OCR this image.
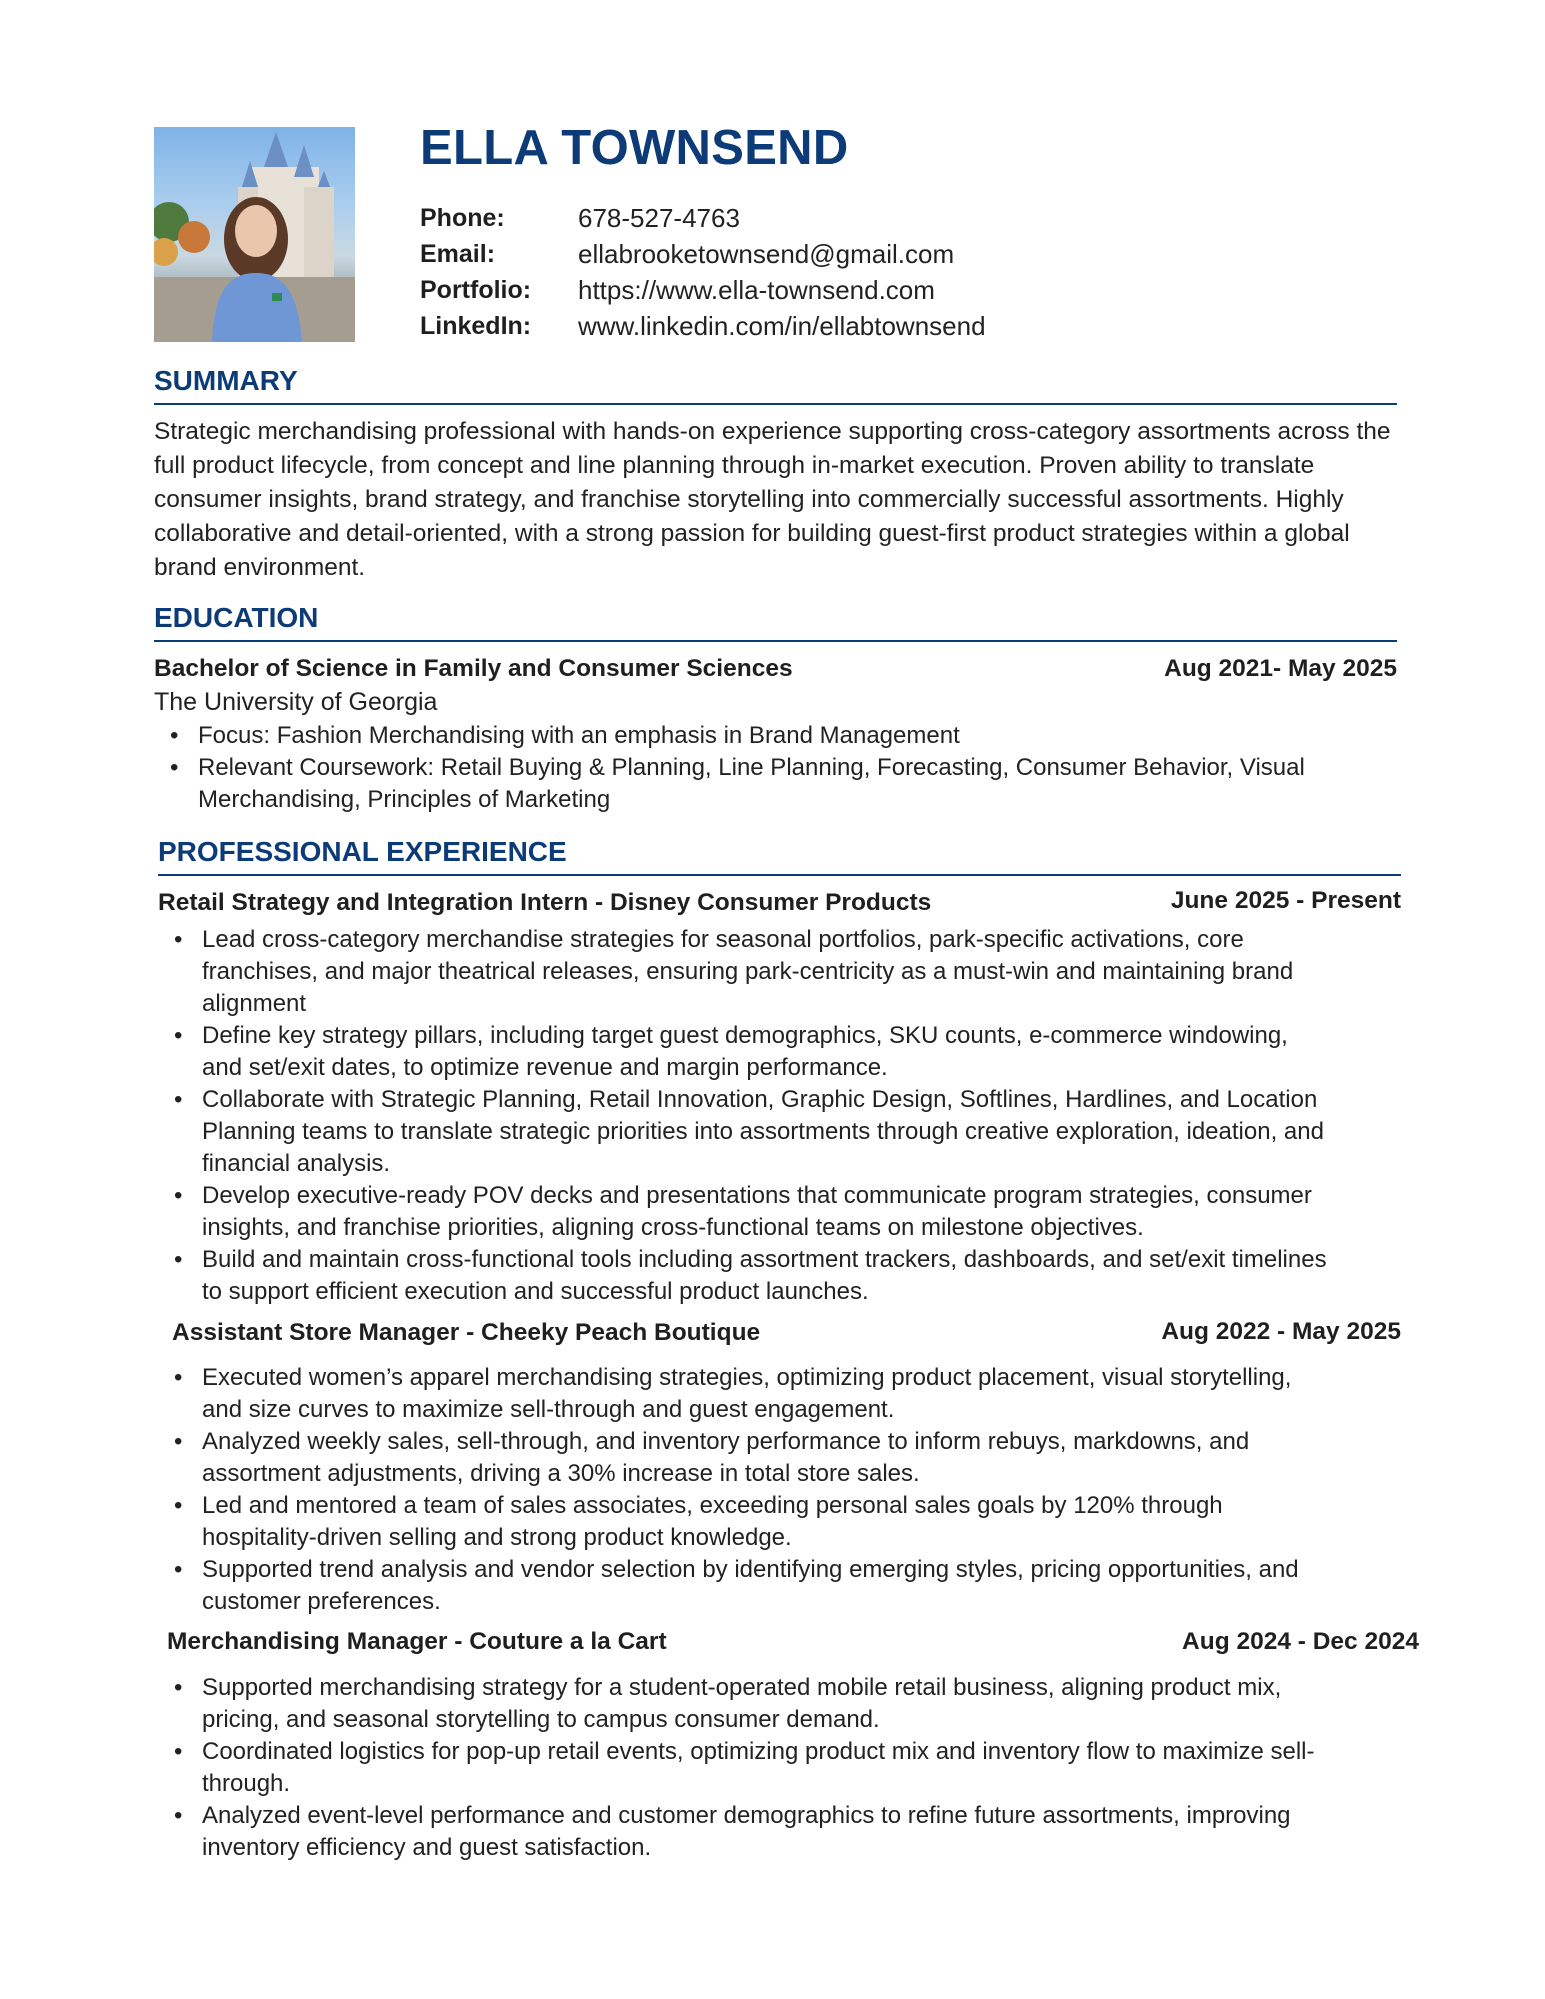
ELLA TOWNSEND
Phone:	678-527-4763
Email:	ellabrooketownsend@gmail.com
Portfolio:	https://www.ella-townsend.com
LinkedIn:	www.linkedin.com/in/ellabtownsend
SUMMARY

Strategic merchandising professional with hands-on experience supporting cross-category assortments across the full product lifecycle, from concept and line planning through in-market execution. Proven ability to translate consumer insights, brand strategy, and franchise storytelling into commercially successful assortments. Highly collaborative and detail-oriented, with a strong passion for building guest-first product strategies within a global brand environment.

EDUCATION
Bachelor of Science in Family and Consumer Sciences	Aug 2021- May 2025
The University of Georgia
• Focus: Fashion Merchandising with an emphasis in Brand Management
• Relevant Coursework: Retail Buying & Planning, Line Planning, Forecasting, Consumer Behavior, Visual Merchandising, Principles of Marketing
PROFESSIONAL EXPERIENCE
Retail Strategy and Integration Intern - Disney Consumer Products	June 2025 - Present
• Lead cross-category merchandise strategies for seasonal portfolios, park-specific activations, core franchises, and major theatrical releases, ensuring park-centricity as a must-win and maintaining brand alignment
• Define key strategy pillars, including target guest demographics, SKU counts, e-commerce windowing, and set/exit dates, to optimize revenue and margin performance.
• Collaborate with Strategic Planning, Retail Innovation, Graphic Design, Softlines, Hardlines, and Location Planning teams to translate strategic priorities into assortments through creative exploration, ideation, and financial analysis.
• Develop executive-ready POV decks and presentations that communicate program strategies, consumer insights, and franchise priorities, aligning cross-functional teams on milestone objectives.
• Build and maintain cross-functional tools including assortment trackers, dashboards, and set/exit timelines to support efficient execution and successful product launches.
Assistant Store Manager - Cheeky Peach Boutique	Aug 2022 - May 2025
• Executed women’s apparel merchandising strategies, optimizing product placement, visual storytelling, and size curves to maximize sell-through and guest engagement.
• Analyzed weekly sales, sell-through, and inventory performance to inform rebuys, markdowns, and assortment adjustments, driving a 30% increase in total store sales.
• Led and mentored a team of sales associates, exceeding personal sales goals by 120% through hospitality-driven selling and strong product knowledge.
• Supported trend analysis and vendor selection by identifying emerging styles, pricing opportunities, and customer preferences.
Merchandising Manager - Couture a la Cart	Aug 2024 - Dec 2024
• Supported merchandising strategy for a student-operated mobile retail business, aligning product mix, pricing, and seasonal storytelling to campus consumer demand.
• Coordinated logistics for pop-up retail events, optimizing product mix and inventory flow to maximize sell-through.
• Analyzed event-level performance and customer demographics to refine future assortments, improving inventory efficiency and guest satisfaction.
